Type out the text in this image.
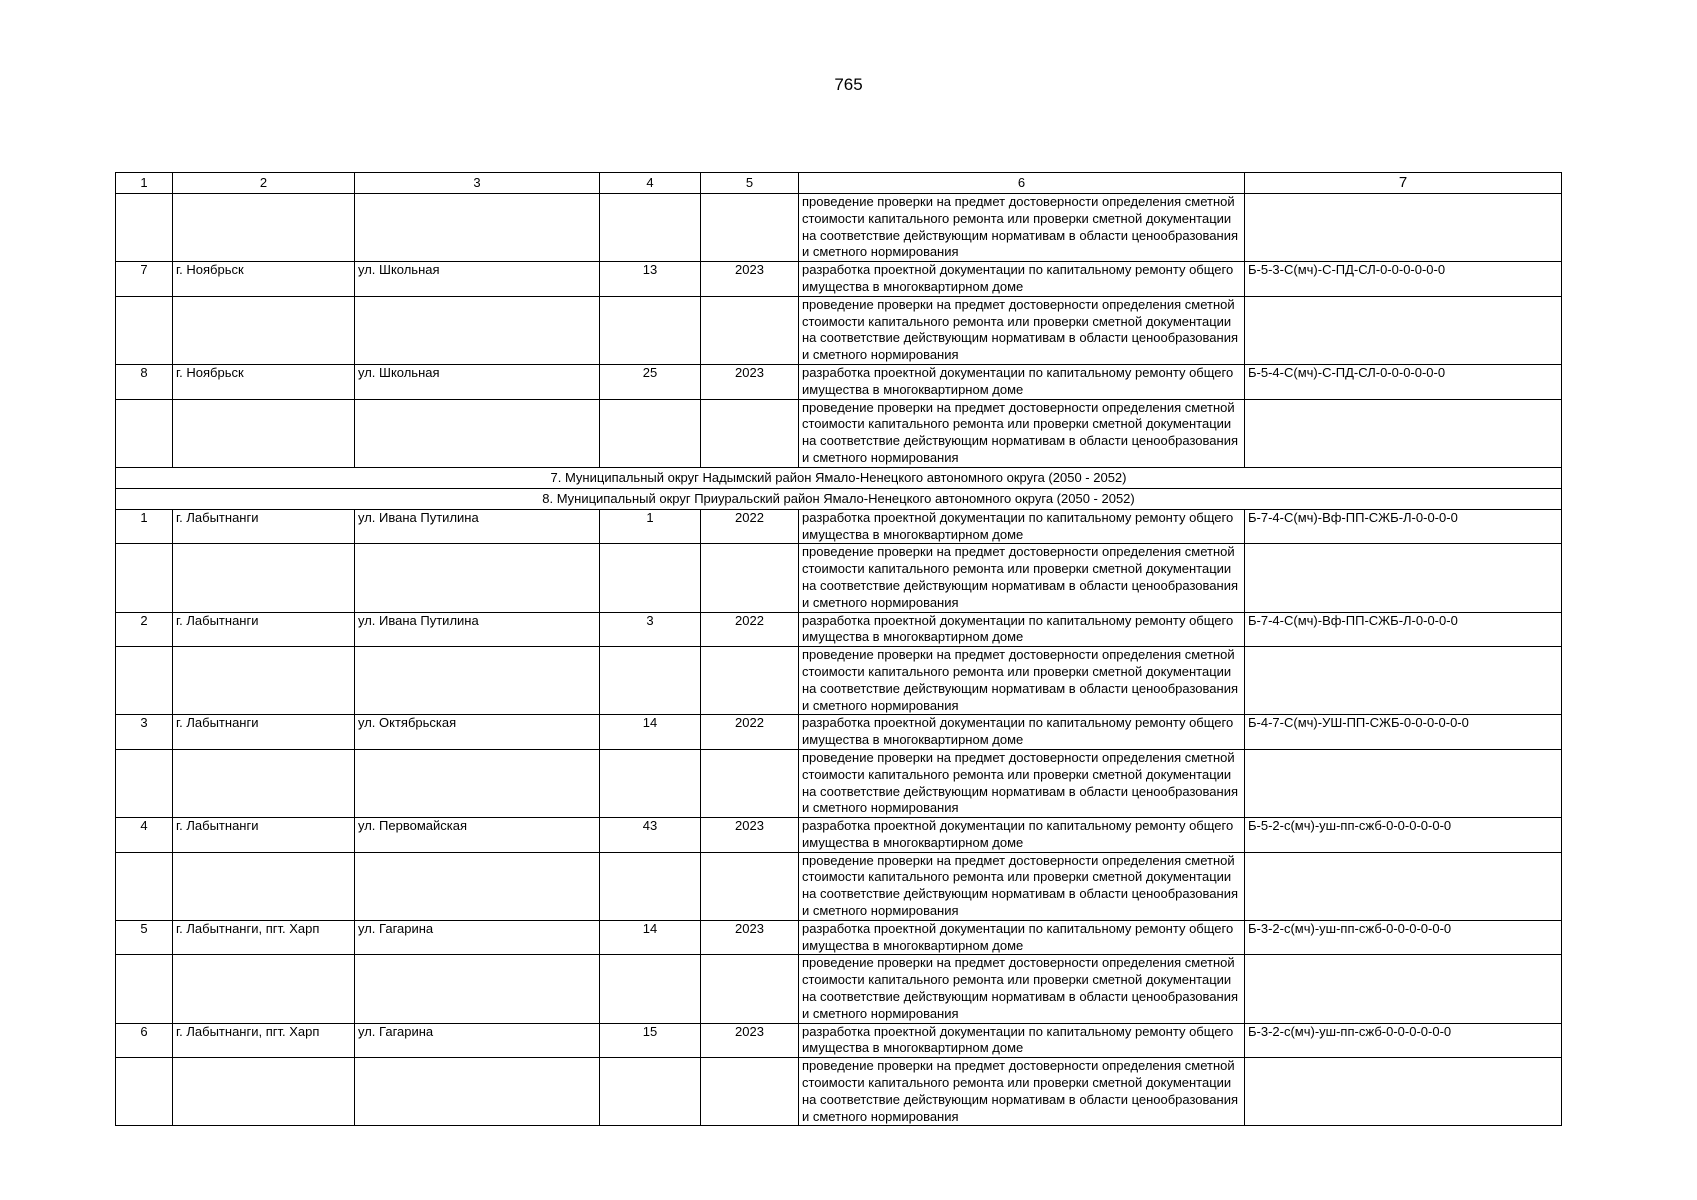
765
1	2	3	4	5	6	7
					проведение проверки на предмет достоверности определения сметной стоимости капитального ремонта или проверки сметной документации на соответствие действующим нормативам в области ценообразования и сметного нормирования	
7	г. Ноябрьск	ул. Школьная	13	2023	разработка проектной документации по капитальному ремонту общего имущества в многоквартирном доме	Б-5-3-С(мч)-С-ПД-СЛ-0-0-0-0-0-0
					проведение проверки на предмет достоверности определения сметной стоимости капитального ремонта или проверки сметной документации на соответствие действующим нормативам в области ценообразования и сметного нормирования	
8	г. Ноябрьск	ул. Школьная	25	2023	разработка проектной документации по капитальному ремонту общего имущества в многоквартирном доме	Б-5-4-С(мч)-С-ПД-СЛ-0-0-0-0-0-0
					проведение проверки на предмет достоверности определения сметной стоимости капитального ремонта или проверки сметной документации на соответствие действующим нормативам в области ценообразования и сметного нормирования	
7. Муниципальный округ Надымский район Ямало-Ненецкого автономного округа (2050 - 2052)						
8. Муниципальный округ Приуральский район Ямало-Ненецкого автономного округа (2050 - 2052)						
1	г. Лабытнанги	ул. Ивана Путилина	1	2022	разработка проектной документации по капитальному ремонту общего имущества в многоквартирном доме	Б-7-4-С(мч)-Вф-ПП-СЖБ-Л-0-0-0-0
					проведение проверки на предмет достоверности определения сметной стоимости капитального ремонта или проверки сметной документации на соответствие действующим нормативам в области ценообразования и сметного нормирования	
2	г. Лабытнанги	ул. Ивана Путилина	3	2022	разработка проектной документации по капитальному ремонту общего имущества в многоквартирном доме	Б-7-4-С(мч)-Вф-ПП-СЖБ-Л-0-0-0-0
					проведение проверки на предмет достоверности определения сметной стоимости капитального ремонта или проверки сметной документации на соответствие действующим нормативам в области ценообразования и сметного нормирования	
3	г. Лабытнанги	ул. Октябрьская	14	2022	разработка проектной документации по капитальному ремонту общего имущества в многоквартирном доме	Б-4-7-С(мч)-УШ-ПП-СЖБ-0-0-0-0-0-0
					проведение проверки на предмет достоверности определения сметной стоимости капитального ремонта или проверки сметной документации на соответствие действующим нормативам в области ценообразования и сметного нормирования	
4	г. Лабытнанги	ул. Первомайская	43	2023	разработка проектной документации по капитальному ремонту общего имущества в многоквартирном доме	Б-5-2-с(мч)-уш-пп-сжб-0-0-0-0-0-0
					проведение проверки на предмет достоверности определения сметной стоимости капитального ремонта или проверки сметной документации на соответствие действующим нормативам в области ценообразования и сметного нормирования	
5	г. Лабытнанги, пгт. Харп	ул. Гагарина	14	2023	разработка проектной документации по капитальному ремонту общего имущества в многоквартирном доме	Б-3-2-с(мч)-уш-пп-сжб-0-0-0-0-0-0
					проведение проверки на предмет достоверности определения сметной стоимости капитального ремонта или проверки сметной документации на соответствие действующим нормативам в области ценообразования и сметного нормирования	
6	г. Лабытнанги, пгт. Харп	ул. Гагарина	15	2023	разработка проектной документации по капитальному ремонту общего имущества в многоквартирном доме	Б-3-2-с(мч)-уш-пп-сжб-0-0-0-0-0-0
					проведение проверки на предмет достоверности определения сметной стоимости капитального ремонта или проверки сметной документации на соответствие действующим нормативам в области ценообразования и сметного нормирования	
